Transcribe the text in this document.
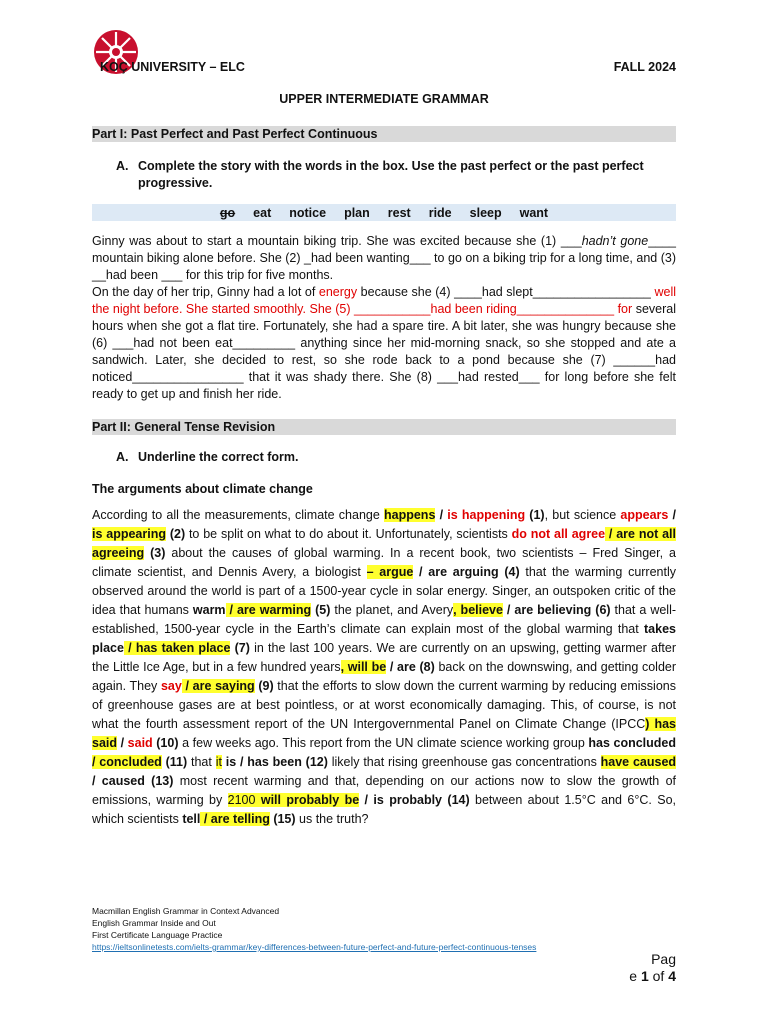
KOÇ UNIVERSITY – ELC	FALL 2024
UPPER INTERMEDIATE GRAMMAR
Part I: Past Perfect and Past Perfect Continuous
A. Complete the story with the words in the box. Use the past perfect or the past perfect progressive.
go eat notice plan rest ride sleep want
Ginny was about to start a mountain biking trip. She was excited because she (1) ___hadn’t gone____ mountain biking alone before. She (2) _had been wanting___ to go on a biking trip for a long time, and (3) __had been ___ for this trip for five months.
On the day of her trip, Ginny had a lot of energy because she (4) ____had slept_________________ well the night before. She started smoothly. She (5) ___________had been riding______________ for several hours when she got a flat tire. Fortunately, she had a spare tire. A bit later, she was hungry because she (6) ___had not been eat_________ anything since her mid-morning snack, so she stopped and ate a sandwich. Later, she decided to rest, so she rode back to a pond because she (7) ______had noticed________________ that it was shady there. She (8) ___had rested___ for long before she felt ready to get up and finish her ride.
Part II: General Tense Revision
A. Underline the correct form.
The arguments about climate change
According to all the measurements, climate change happens / is happening (1), but science appears / is appearing (2) to be split on what to do about it. Unfortunately, scientists do not all agree / are not all agreeing (3) about the causes of global warming. In a recent book, two scientists – Fred Singer, a climate scientist, and Dennis Avery, a biologist – argue / are arguing (4) that the warming currently observed around the world is part of a 1500-year cycle in solar energy. Singer, an outspoken critic of the idea that humans warm / are warming (5) the planet, and Avery, believe / are believing (6) that a well-established, 1500-year cycle in the Earth’s climate can explain most of the global warming that takes place / has taken place (7) in the last 100 years. We are currently on an upswing, getting warmer after the Little Ice Age, but in a few hundred years, will be / are (8) back on the downswing, and getting colder again. They say / are saying (9) that the efforts to slow down the current warming by reducing emissions of greenhouse gases are at best pointless, or at worst economically damaging. This, of course, is not what the fourth assessment report of the UN Intergovernmental Panel on Climate Change (IPCC) has said / said (10) a few weeks ago. This report from the UN climate science working group has concluded / concluded (11) that it is / has been (12) likely that rising greenhouse gas concentrations have caused / caused (13) most recent warming and that, depending on our actions now to slow the growth of emissions, warming by 2100 will probably be / is probably (14) between about 1.5°C and 6°C. So, which scientists tell / are telling (15) us the truth?
Macmillan English Grammar in Context Advanced
English Grammar Inside and Out
First Certificate Language Practice
https://ieltsonlinetests.com/ielts-grammar/key-differences-between-future-perfect-and-future-perfect-continuous-tenses
Pag
e 1 of 4
